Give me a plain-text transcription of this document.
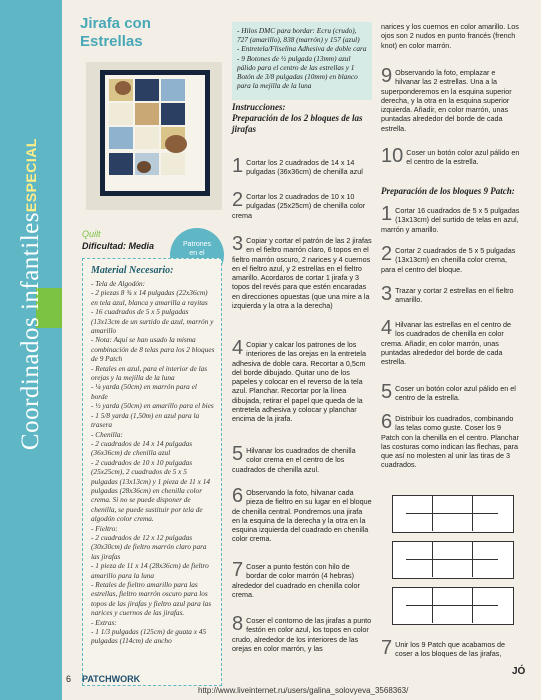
Coordinados infantilesESPECIAL
Jirafa con
Estrellas
Quilt
Dificultad: Media	Patrones
en el
Material Necesario:

- Tela de Algodón:
- 2 piezas 8 ¾ x 14 pulgadas (22x36cm) en tela azul, blanca y amarilla a rayitas
- 16 cuadrados de 5 x 5 pulgadas (13x13cm de un surtido de azul, marrón y amarillo
- Nota: Aquí se han usado la misma combinación de 8 telas para los 2 bloques de 9 Patch
- Retales en azul, para el interior de las orejas y la mejilla de la luna
- ¼ yarda (50cm) en marrón para el borde
- ½ yarda (50cm) en amarillo para el bies
- 1 5/8 yarda (1,50m) en azul para la trasera
- Chenilla:
- 2 cuadrados de 14 x 14 pulgadas (36x36cm) de chenilla azul
- 2 cuadrados de 10 x 10 pulgadas (25x25cm), 2 cuadrados de 5 x 5 pulgadas (13x13cm) y 1 pieza de 11 x 14 pulgadas (28x36cm) en chenilla color crema. Si no se puede disponer de chenilla, se puede sustituir por tela de algodón color crema.
- Fieltro:
- 2 cuadrados de 12 x 12 pulgadas (30x30cm) de fieltro marrón claro para las jirafas
- 1 pieza de 11 x 14 (28x36cm) de fieltro amarillo para la luna
- Retales de fieltro amarillo para las estrellas, fieltro marrón oscuro para los topos de las jirafas y fieltro azul para las narices y cuernos de las jirafas.
- Extras:
- 1 1/3 pulgadas (125cm) de guata x 45 pulgadas (114cm) de ancho

- Hilos DMC para bordar: Ecru (crudo), 727 (amarillo), 838 (marrón) y 157 (azul)
- Entretela/Fliselina Adhesiva de doble cara
- 9 Botones de ½ pulgada (13mm) azul pálido para el centro de las estrellas y 1 Botón de 3/8 pulgadas (10mm) en blanco para la mejilla de la luna

Instrucciones:
Preparación de los 2 bloques de las jirafas
1 Cortar los 2 cuadrados de 14 x 14 pulgadas (36x36cm) de chenilla azul
2 Cortar los 2 cuadrados de 10 x 10 pulgadas (25x25cm) de chenilla color crema
3 Copiar y cortar el patrón de las 2 jirafas en el fieltro marrón claro, 6 topos en el fieltro marrón oscuro, 2 narices y 4 cuernos en el fieltro azul, y 2 estrellas en el fieltro amarillo. Acordaros de cortar 1 jirafa y 3 topos del revés para que estén encaradas en direcciones opuestas (que una mire a la izquierda y la otra a la derecha)
4 Copiar y calcar los patrones de los interiores de las orejas en la entretela adhesiva de doble cara. Recortar a 0,5cm del borde dibujado. Quitar uno de los papeles y colocar en el reverso de la tela azul. Planchar. Recortar por la línea dibujada, retirar el papel que queda de la entretela adhesiva y colocar y planchar encima de la jirafa.
5 Hilvanar los cuadrados de chenilla color crema en el centro de los cuadrados de chenilla azul.
6 Observando la foto, hilvanar cada pieza de fieltro en su lugar en el bloque de chenilla central. Pondremos una jirafa en la esquina de la derecha y la otra en la esquina izquierda del cuadrado en chenilla color crema.
7 Coser a punto festón con hilo de bordar de color marrón (4 hebras) alrededor del cuadrado en chenilla color crema.
8 Coser el contorno de las jirafas a punto festón en color azul, los topos en color crudo, alrededor de los interiores de las orejas en color marrón, y las
narices y los cuernos en color amarillo. Los ojos son 2 nudos en punto francés (french knot) en color marrón.
9 Observando la foto, emplazar e hilvanar las 2 estrellas. Una a la superponderemos en la esquina superior derecha, y la otra en la esquina superior izquierda. Añadir, en color marrón, unas puntadas alrededor del borde de cada estrella.
10 Coser un botón color azul pálido en el centro de la estrella.
Preparación de los bloques 9 Patch:
1 Cortar 16 cuadrados de 5 x 5 pulgadas (13x13cm) del surtido de telas en azul, marrón y amarillo.
2 Cortar 2 cuadrados de 5 x 5 pulgadas (13x13cm) en chenilla color crema, para el centro del bloque.
3 Trazar y cortar 2 estrellas en el fieltro amarillo.
4 Hilvanar las estrellas en el centro de los cuadrados de chenilla en color crema. Añadir, en color marrón, unas puntadas alrededor del borde de cada estrella.
5 Coser un botón color azul pálido en el centro de la estrella.
6 Distribuir los cuadrados, combinando las telas como guste. Coser los 9 Patch con la chenilla en el centro. Planchar las costuras como indican las flechas, para que así no molesten al unir las tiras de 3 cuadrados.
7 Unir los 9 Patch que acabamos de coser a los bloques de las jirafas,
6 PATCHWORK
JÓ
http://www.liveinternet.ru/users/galina_solovyeva_3568363/
